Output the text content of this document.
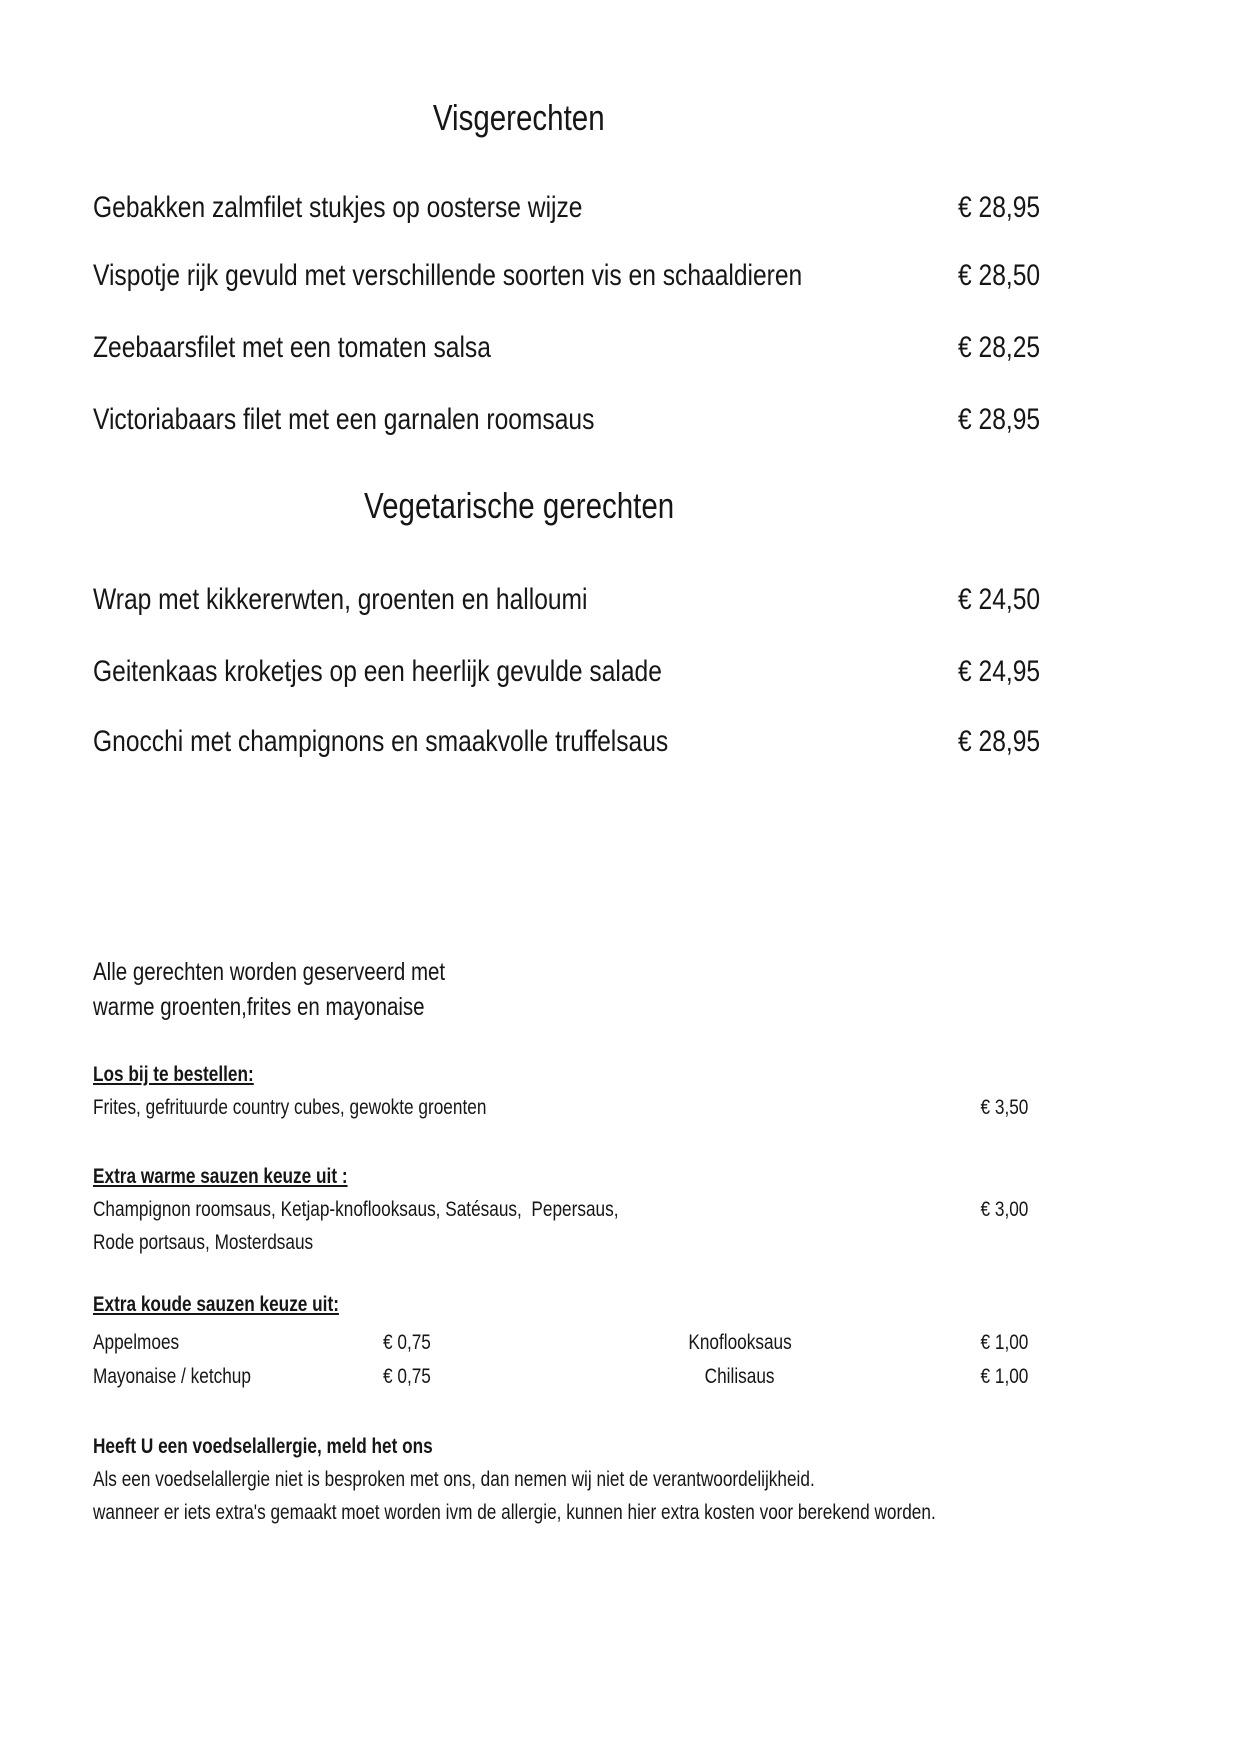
Visgerechten
Gebakken zalmfilet stukjes op oosterse wijze	€ 28,95
Vispotje rijk gevuld met verschillende soorten vis en schaaldieren	€ 28,50
Zeebaarsfilet met een tomaten salsa	€ 28,25
Victoriabaars filet met een garnalen roomsaus	€ 28,95
Vegetarische gerechten
Wrap met kikkererwten, groenten en halloumi	€ 24,50
Geitenkaas kroketjes op een heerlijk gevulde salade	€ 24,95
Gnocchi met champignons en smaakvolle truffelsaus	€ 28,95
Alle gerechten worden geserveerd met
warme groenten,frites en mayonaise
Los bij te bestellen:
Frites, gefrituurde country cubes, gewokte groenten	€ 3,50
Extra warme sauzen keuze uit :
Champignon roomsaus, Ketjap-knoflooksaus, Satésaus,  Pepersaus,	€ 3,00
Rode portsaus, Mosterdsaus
Extra koude sauzen keuze uit:
Appelmoes	€ 0,75	Knoflooksaus	€ 1,00
Mayonaise / ketchup	€ 0,75	Chilisaus	€ 1,00
Heeft U een voedselallergie, meld het ons
Als een voedselallergie niet is besproken met ons, dan nemen wij niet de verantwoordelijkheid.
wanneer er iets extra's gemaakt moet worden ivm de allergie, kunnen hier extra kosten voor berekend worden.
